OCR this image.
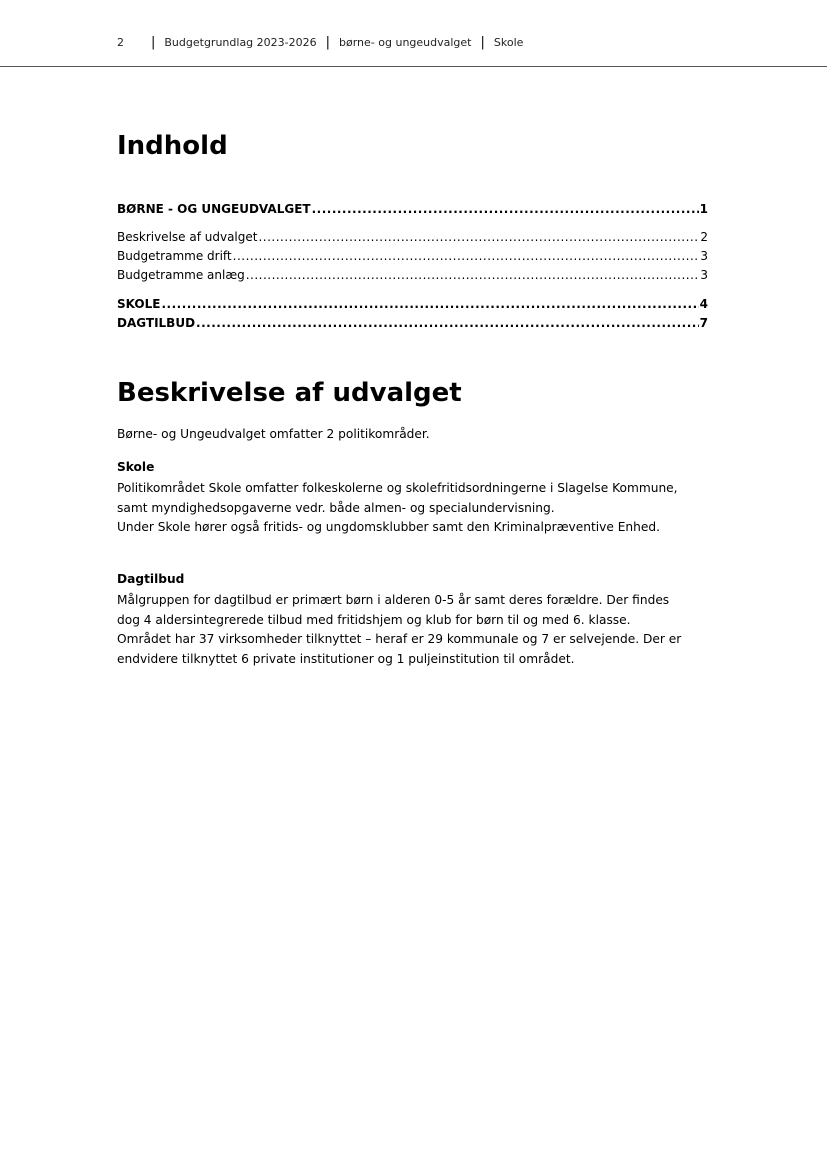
2 | Budgetgrundlag 2023-2026 | børne- og ungeudvalget | Skole
Indhold
BØRNE - OG UNGEUDVALGET .....	1
Beskrivelse af udvalget .....	2
Budgetramme drift .....	3
Budgetramme anlæg .....	3
SKOLE .....	4
DAGTILBUD .....	7
Beskrivelse af udvalget

Børne- og Ungeudvalget omfatter 2 politikområder.

Skole

Politikområdet Skole omfatter folkeskolerne og skolefritidsordningerne i Slagelse Kommune,
samt myndighedsopgaverne vedr. både almen- og specialundervisning.
Under Skole hører også fritids- og ungdomsklubber samt den Kriminalpræventive Enhed.

Dagtilbud

Målgruppen for dagtilbud er primært børn i alderen 0-5 år samt deres forældre. Der findes
dog 4 aldersintegrerede tilbud med fritidshjem og klub for børn til og med 6. klasse.
Området har 37 virksomheder tilknyttet – heraf er 29 kommunale og 7 er selvejende. Der er
endvidere tilknyttet 6 private institutioner og 1 puljeinstitution til området.
